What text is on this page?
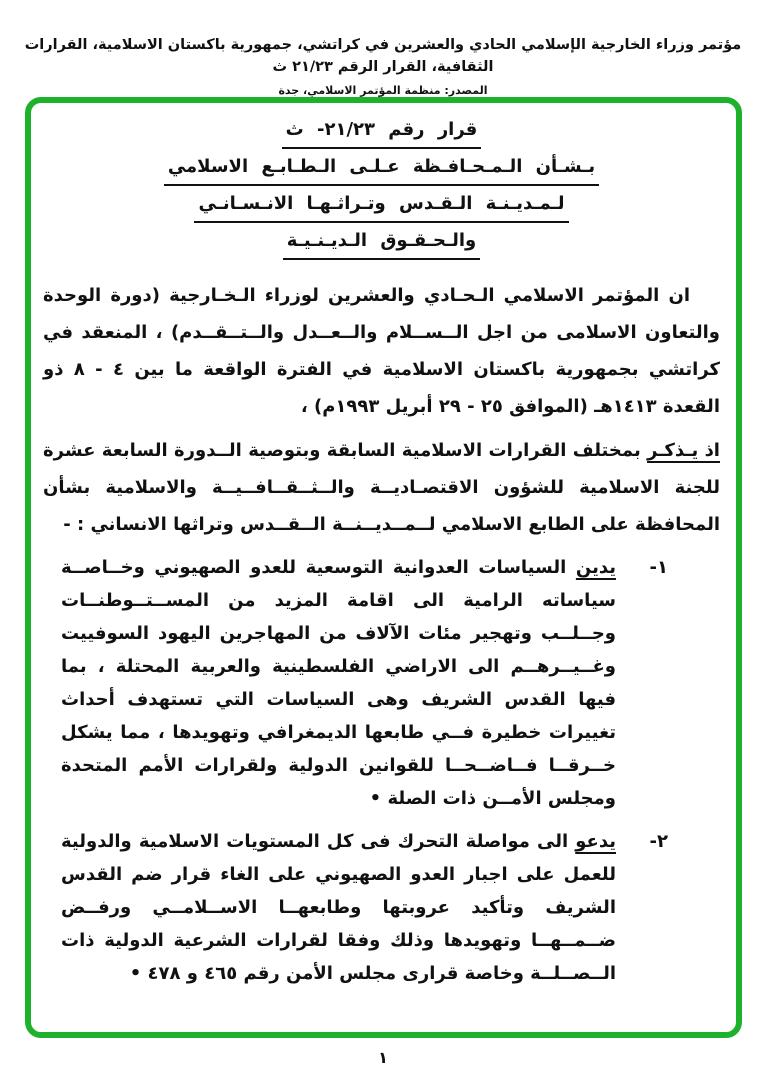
مؤتمر وزراء الخارجية الإسلامي الحادي والعشرين في كراتشي، جمهورية باكستان الاسلامية، القرارات الثقافية، القرار الرقم ٢١/٢٣ ث
المصدر: منظمة المؤتمر الاسلامي، جدة
قرار رقم ٢١/٢٣- ث
بـشـأن الـمـحـافـظة عـلـى الـطـابـع الاسلامي
لـمـديـنـة الـقـدس وتـراثـهـا الانـسـانـي
والـحـقـوق الـديـنـيـة

ان المؤتمر الاسلامي الـحـادي والعشرين لوزراء الـخـارجية (دورة الوحدة والتعاون الاسلامى من اجل الــســلام والــعــدل والــتــقــدم) ، المنعقد في كراتشي بجمهورية باكستان الاسلامية في الفترة الواقعة ما بين ٤ - ٨ ذو القعدة ١٤١٣هـ (الموافق ٢٥ - ٢٩ أبريل ١٩٩٣م) ،

اذ يـذكـر بمختلف القرارات الاسلامية السابقة وبتوصية الــدورة السابعة عشرة للجنة الاسلامية للشؤون الاقتصـاديــة والــثــقــافــيــة والاسلامية بشأن المحافظة على الطابع الاسلامي لــمــديــنــة الــقــدس وتراثها الانساني : -

١-
يدين السياسات العدوانية التوسعية للعدو الصهيوني وخــاصــة سياساته الرامية الى اقامة المزيد من المســتــوطنــات وجــلــب وتهجير مئات الآلاف من المهاجرين اليهود السوفييت وغــيــرهــم الى الاراضي الفلسطينية والعربية المحتلة ، بما فيها القدس الشريف وهى السياسات التي تستهدف أحداث تغييرات خطيرة فــي طابعها الديمغرافي وتهويدها ، مما يشكل خــرقــا فــاضــحــا للقوانين الدولية ولقرارات الأمم المتحدة ومجلس الأمــن ذات الصلة •
٢-
يدعو الى مواصلة التحرك فى كل المستويات الاسلامية والدولية للعمل على اجبار العدو الصهيوني على الغاء قرار ضم القدس الشريف وتأكيد عروبتها وطابعهــا الاســلامــي ورفــض ضــمــهــا وتهويدها وذلك وفقا لقرارات الشرعية الدولية ذات الــصــلــة وخاصة قرارى مجلس الأمن رقم ٤٦٥ و ٤٧٨ •
١
